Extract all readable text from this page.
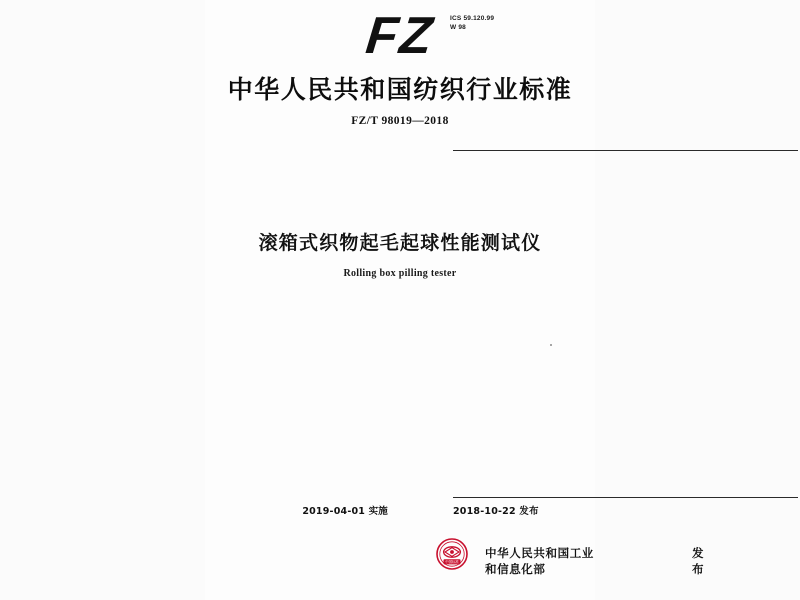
ICS 59.120.99
W 98
FZ
中华人民共和国纺织行业标准
FZ/T 98019—2018
滚箱式织物起毛起球性能测试仪
Rolling box pilling tester
2018-10-22 发布
2019-04-01 实施
中国标准
中华人民共和国工业和信息化部
发 布
